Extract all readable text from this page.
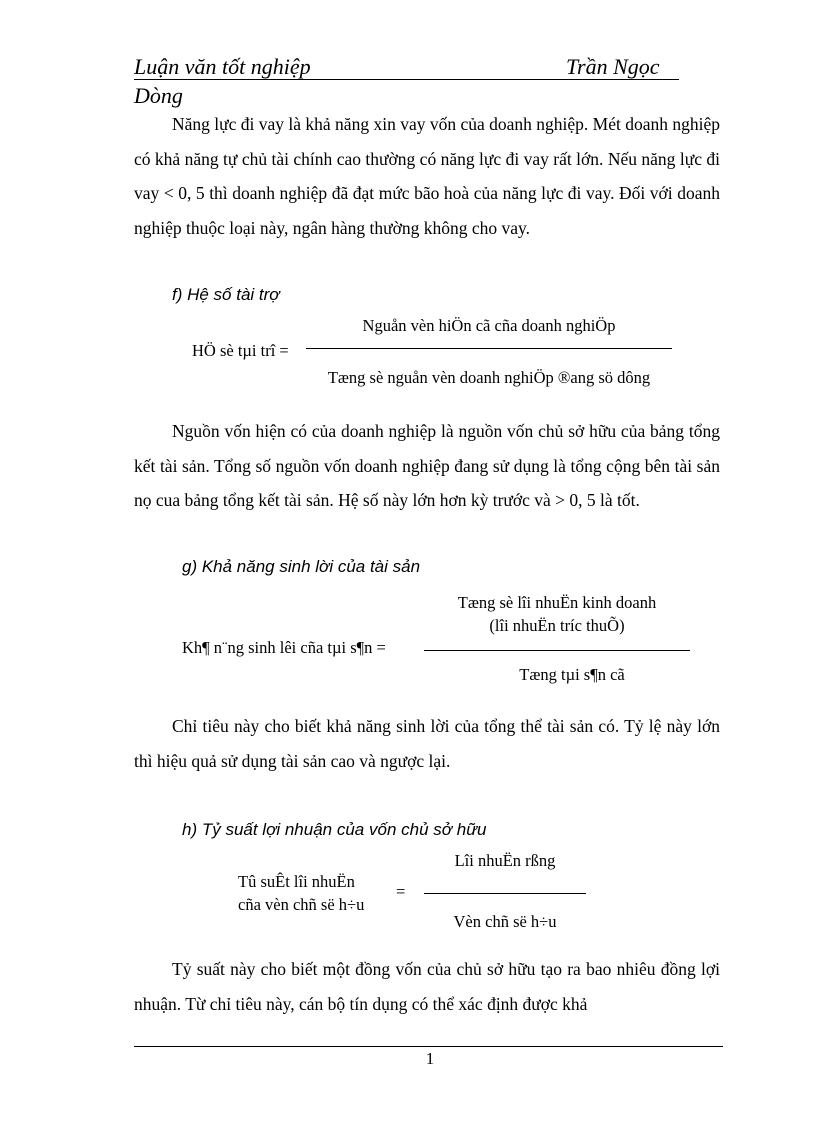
Luận văn tốt nghiệp	Trần Ngọc
Dòng

Năng lực đi vay là khả năng xin vay vốn của doanh nghiệp. Mét doanh nghiệp có khả năng tự chủ tài chính cao thường có năng lực đi vay rất lớn. Nếu năng lực đi vay < 0, 5 thì doanh nghiệp đã đạt mức bão hoà của năng lực đi vay. Đối với doanh nghiệp thuộc loại này, ngân hàng thường không cho vay.

f) Hệ số tài trợ
HÖ sè tµi trî =
Nguån vèn hiÖn cã cña doanh nghiÖp
Tæng sè nguån vèn doanh nghiÖp ®ang sö dông

Nguồn vốn hiện có của doanh nghiệp là nguồn vốn chủ sở hữu của bảng tổng kết tài sản. Tổng số nguồn vốn doanh nghiệp đang sử dụng là tổng cộng bên tài sản nọ cua bảng tổng kết tài sản. Hệ số này lớn hơn kỳ trước và > 0, 5 là tốt.

g) Khả năng sinh lời của tài sản
Tæng sè lîi nhuËn kinh doanh
(lîi nhuËn tríc thuÕ)
Kh¶ n¨ng sinh lêi cña tµi s¶n =
Tæng tµi s¶n cã

Chỉ tiêu này cho biết khả năng sinh lời của tổng thể tài sản có. Tỷ lệ này lớn thì hiệu quả sử dụng tài sản cao và ngược lại.

h) Tỷ suất lợi nhuận của vốn chủ sở hữu
Lîi nhuËn rßng
Tû suÊt lîi nhuËn
=
cña vèn chñ së h÷u
Vèn chñ së h÷u

Tỷ suất này cho biết một đồng vốn của chủ sở hữu tạo ra bao nhiêu đồng lợi nhuận. Từ chỉ tiêu này, cán bộ tín dụng có thể xác định được khả

1
